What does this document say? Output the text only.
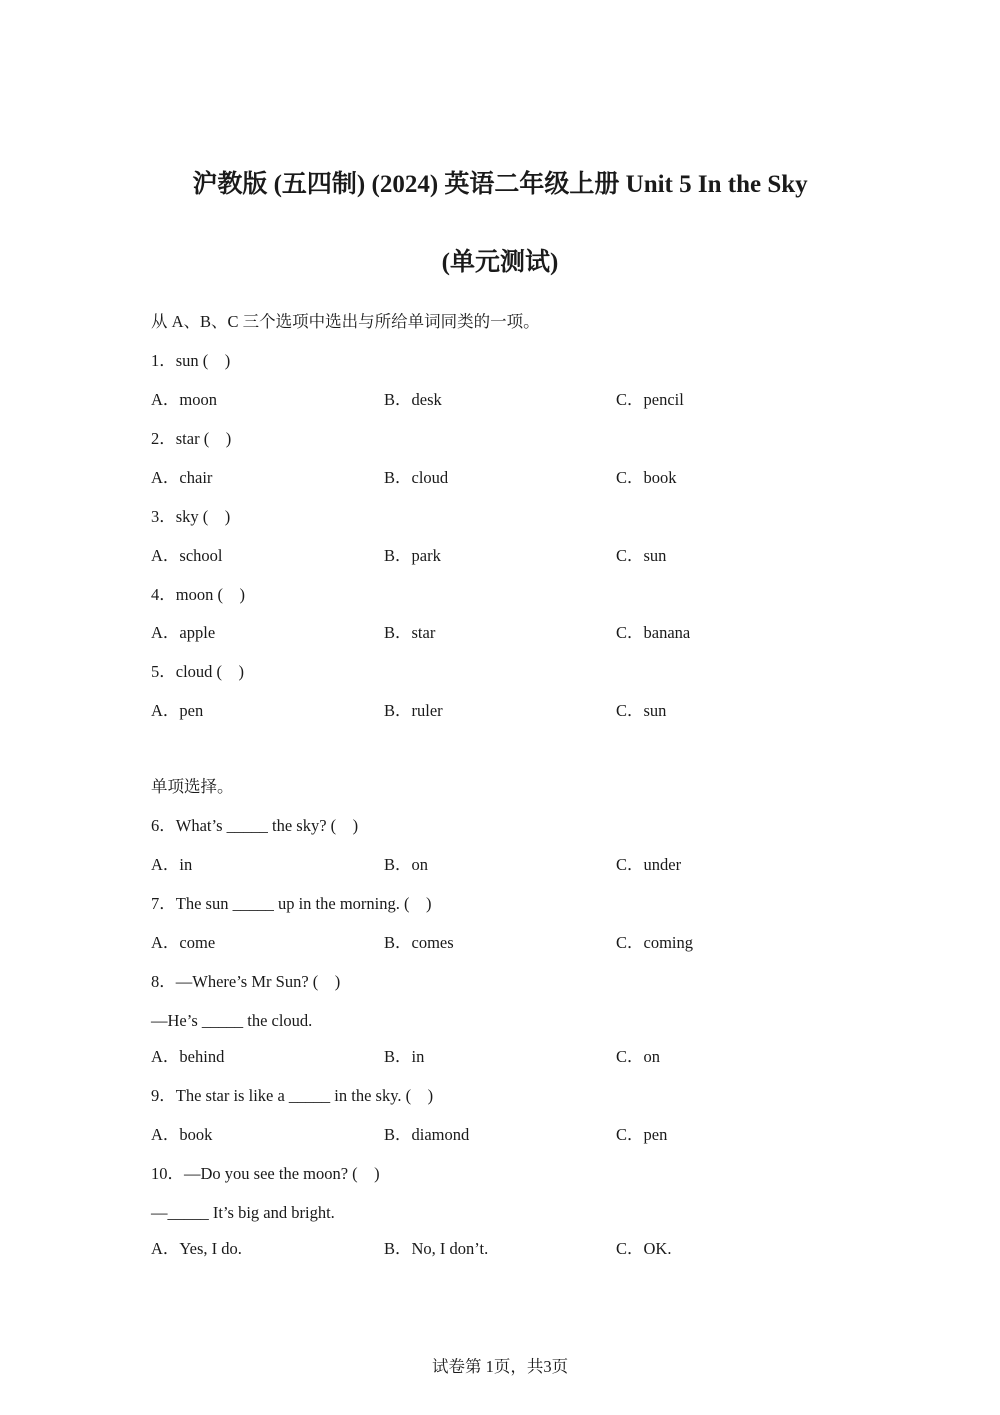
沪教版 (五四制) (2024) 英语二年级上册 Unit 5 In the Sky
(单元测试)

从 A、B、C 三个选项中选出与所给单词同类的一项。

1．sun (    )

A．moon	B．desk	C．pencil

2．star (    )

A．chair	B．cloud	C．book

3．sky (    )

A．school	B．park	C．sun

4．moon (    )

A．apple	B．star	C．banana

5．cloud (    )

A．pen	B．ruler	C．sun

单项选择。

6．What’s _____ the sky? (    )

A．in	B．on	C．under

7．The sun _____ up in the morning. (    )

A．come	B．comes	C．coming

8．—Where’s Mr Sun? (    )

—He’s _____ the cloud.

A．behind	B．in	C．on

9．The star is like a _____ in the sky. (    )

A．book	B．diamond	C．pen

10．—Do you see the moon? (    )

—_____ It’s big and bright.

A．Yes, I do.	B．No, I don’t.	C．OK.
试卷第 1页，共3页
